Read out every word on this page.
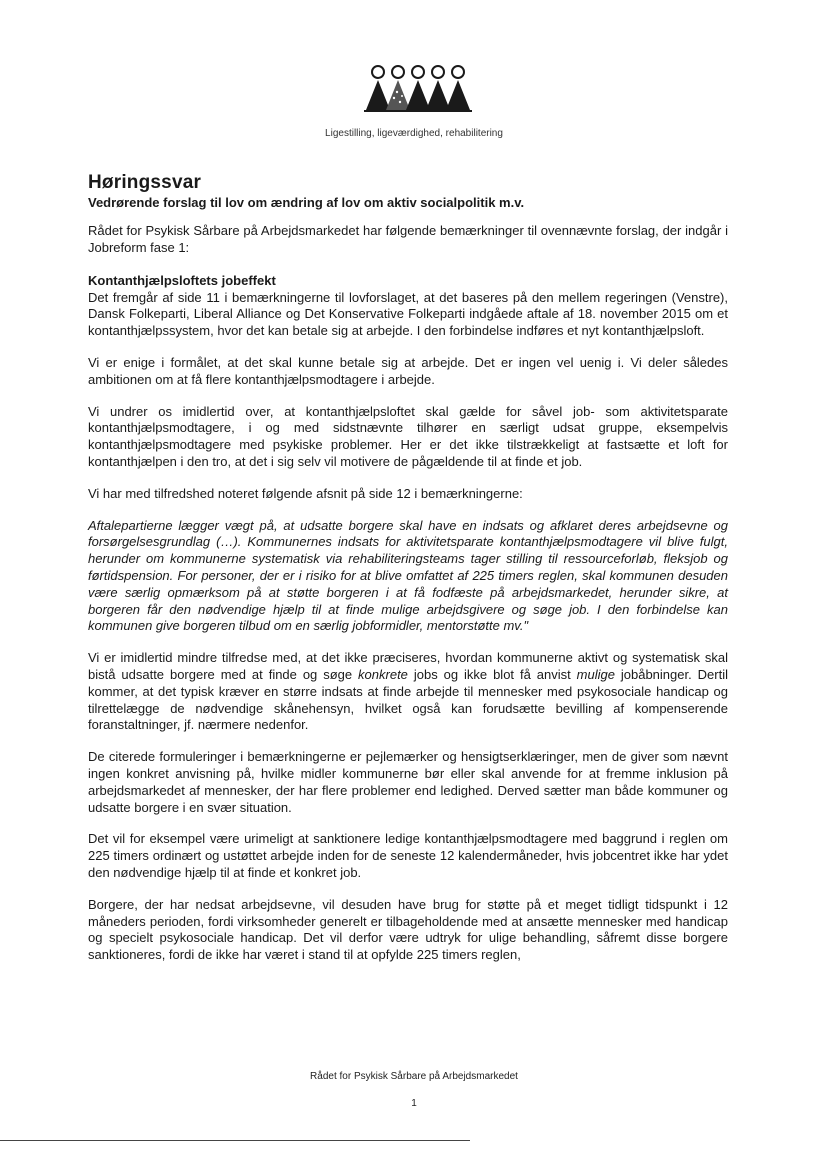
Ligestilling, ligeværdighed, rehabilitering
Høringssvar
Vedrørende forslag til lov om ændring af lov om aktiv socialpolitik m.v.

Rådet for Psykisk Sårbare på Arbejdsmarkedet har følgende bemærkninger til ovennævnte forslag, der indgår i Jobreform fase 1:

Kontanthjælpsloftets jobeffekt

Det fremgår af side 11 i bemærkningerne til lovforslaget, at det baseres på den mellem regeringen (Venstre), Dansk Folkeparti, Liberal Alliance og Det Konservative Folkeparti indgåede aftale af 18. november 2015 om et kontanthjælpssystem, hvor det kan betale sig at arbejde. I den forbindelse indføres et nyt kontanthjælpsloft.

Vi er enige i formålet, at det skal kunne betale sig at arbejde. Det er ingen vel uenig i. Vi deler således ambitionen om at få flere kontanthjælpsmodtagere i arbejde.

Vi undrer os imidlertid over, at kontanthjælpsloftet skal gælde for såvel job- som aktivitetsparate kontanthjælpsmodtagere, i og med sidstnævnte tilhører en særligt udsat gruppe, eksempelvis kontanthjælpsmodtagere med psykiske problemer. Her er det ikke tilstrækkeligt at fastsætte et loft for kontanthjælpen i den tro, at det i sig selv vil motivere de pågældende til at finde et job.

Vi har med tilfredshed noteret følgende afsnit på side 12 i bemærkningerne:

Aftalepartierne lægger vægt på, at udsatte borgere skal have en indsats og afklaret deres arbejdsevne og forsørgelsesgrundlag (…). Kommunernes indsats for aktivitetsparate kontanthjælpsmodtagere vil blive fulgt, herunder om kommunerne systematisk via rehabiliteringsteams tager stilling til ressourceforløb, fleksjob og førtidspension. For personer, der er i risiko for at blive omfattet af 225 timers reglen, skal kommunen desuden være særlig opmærksom på at støtte borgeren i at få fodfæste på arbejdsmarkedet, herunder sikre, at borgeren får den nødvendige hjælp til at finde mulige arbejdsgivere og søge job. I den forbindelse kan kommunen give borgeren tilbud om en særlig jobformidler, mentorstøtte mv."

Vi er imidlertid mindre tilfredse med, at det ikke præciseres, hvordan kommunerne aktivt og systematisk skal bistå udsatte borgere med at finde og søge konkrete jobs og ikke blot få anvist mulige jobåbninger. Dertil kommer, at det typisk kræver en større indsats at finde arbejde til mennesker med psykosociale handicap og tilrettelægge de nødvendige skånehensyn, hvilket også kan forudsætte bevilling af kompenserende foranstaltninger, jf. nærmere nedenfor.

De citerede formuleringer i bemærkningerne er pejlemærker og hensigtserklæringer, men de giver som nævnt ingen konkret anvisning på, hvilke midler kommunerne bør eller skal anvende for at fremme inklusion på arbejdsmarkedet af mennesker, der har flere problemer end ledighed. Derved sætter man både kommuner og udsatte borgere i en svær situation.

Det vil for eksempel være urimeligt at sanktionere ledige kontanthjælpsmodtagere med baggrund i reglen om 225 timers ordinært og ustøttet arbejde inden for de seneste 12 kalendermåneder, hvis jobcentret ikke har ydet den nødvendige hjælp til at finde et konkret job.

Borgere, der har nedsat arbejdsevne, vil desuden have brug for støtte på et meget tidligt tidspunkt i 12 måneders perioden, fordi virksomheder generelt er tilbageholdende med at ansætte mennesker med handicap og specielt psykosociale handicap. Det vil derfor være udtryk for ulige behandling, såfremt disse borgere sanktioneres, fordi de ikke har været i stand til at opfylde 225 timers reglen,

Rådet for Psykisk Sårbare på Arbejdsmarkedet
1
